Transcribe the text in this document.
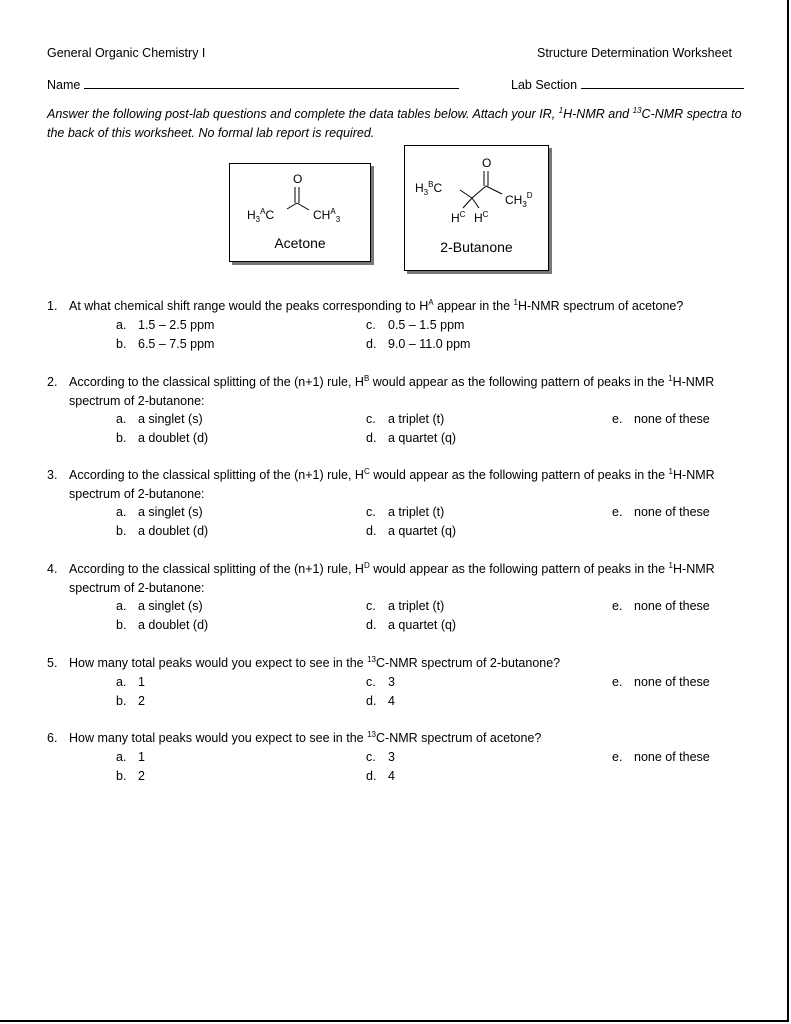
General Organic Chemistry I	Structure Determination Worksheet
Name	Lab Section
Answer the following post-lab questions and complete the data tables below. Attach your IR, $^1$H-NMR and $^{13}$C-NMR spectra to the back of this worksheet. No formal lab report is required.
O
$H_3^AC$	$CH^A_3$
Acetone
O
$H_3^BC$
$CH_3^D$
$H^C$ $H^C$
2-Butanone
1. At what chemical shift range would the peaks corresponding to $H^A$ appear in the $^1$H-NMR spectrum of acetone?
a. 1.5 – 2.5 ppm
b. 6.5 – 7.5 ppm
c. 0.5 – 1.5 ppm
d. 9.0 – 11.0 ppm
2. According to the classical splitting of the (n+1) rule, $H^B$ would appear as the following pattern of peaks in the $^1$H-NMR spectrum of 2-butanone:
a. a singlet (s)
b. a doublet (d)
c. a triplet (t)
d. a quartet (q)
e. none of these
3. According to the classical splitting of the (n+1) rule, $H^C$ would appear as the following pattern of peaks in the $^1$H-NMR spectrum of 2-butanone:
a. a singlet (s)
b. a doublet (d)
c. a triplet (t)
d. a quartet (q)
e. none of these
4. According to the classical splitting of the (n+1) rule, $H^D$ would appear as the following pattern of peaks in the $^1$H-NMR spectrum of 2-butanone:
a. a singlet (s)
b. a doublet (d)
c. a triplet (t)
d. a quartet (q)
e. none of these
5. How many total peaks would you expect to see in the $^{13}$C-NMR spectrum of 2-butanone?
a. 1
b. 2
c. 3
d. 4
e. none of these
6. How many total peaks would you expect to see in the $^{13}$C-NMR spectrum of acetone?
a. 1
b. 2
c. 3
d. 4
e. none of these
